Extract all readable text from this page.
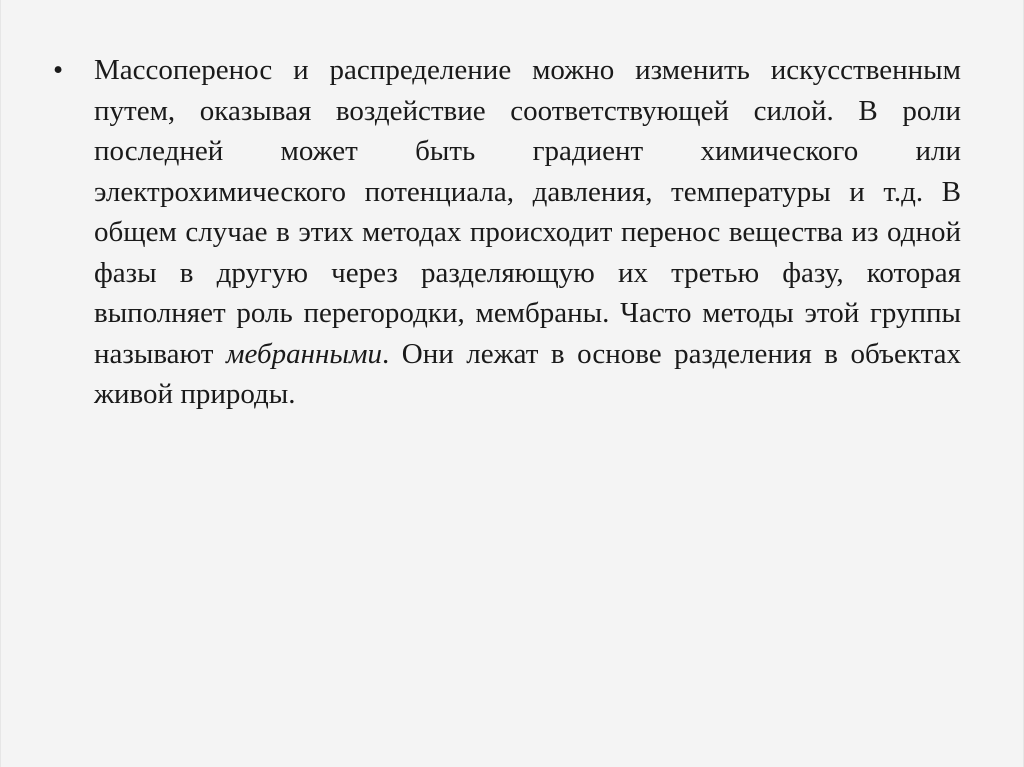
• Массоперенос и распределение можно изменить искусственным путем, оказывая воздействие соответствующей силой. В роли последней может быть градиент химического или электрохимического потенциала, давления, температуры и т.д. В общем случае в этих методах происходит перенос вещества из одной фазы в другую через разделяющую их третью фазу, которая выполняет роль перегородки, мембраны. Часто методы этой группы называют мебранными. Они лежат в основе разделения в объектах живой природы.
